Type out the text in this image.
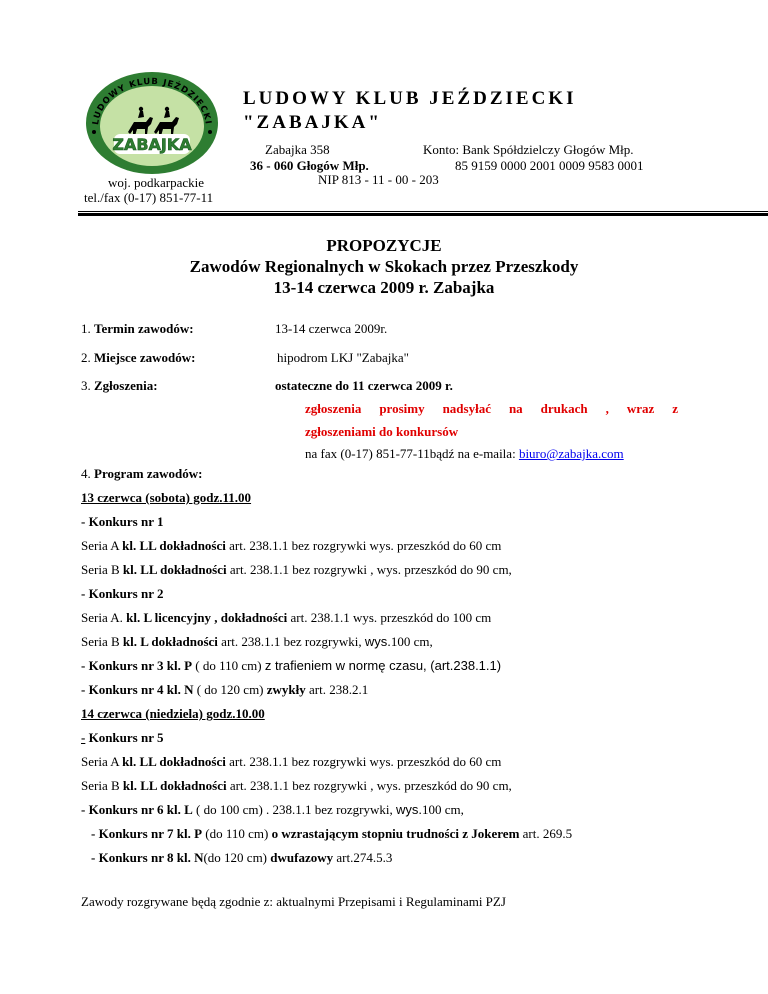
LUDOWY KLUB JEŹDZIECKI
ZABAJKA
LUDOWY KLUB JEŹDZIECKI
"ZABAJKA"
Zabajka 358
36 - 060 Głogów Młp.
Konto: Bank Spółdzielczy Głogów Młp.
85 9159 0000 2001 0009 9583 0001
NIP 813 - 11 - 00 - 203
woj. podkarpackie
tel./fax (0-17) 851-77-11
PROPOZYCJE
Zawodów Regionalnych w Skokach przez Przeszkody
13-14 czerwca 2009 r. Zabajka
1. Termin zawodów:	13-14 czerwca 2009r.
2. Miejsce zawodów:	hipodrom LKJ "Zabajka"
3. Zgłoszenia:	ostateczne do 11 czerwca 2009 r.
zgłoszenia prosimy nadsyłać na drukach , wraz z
zgłoszeniami do konkursów
na fax (0-17) 851-77-11bądź na e-maila: biuro@zabajka.com
4. Program zawodów:
13 czerwca (sobota) godz.11.00
- Konkurs nr 1
Seria A kl. LL dokładności art. 238.1.1 bez rozgrywki wys. przeszkód do 60 cm
Seria B kl. LL dokładności art. 238.1.1 bez rozgrywki , wys. przeszkód do 90 cm,
- Konkurs nr 2
Seria A. kl. L licencyjny , dokładności art. 238.1.1 wys. przeszkód do 100 cm
Seria B kl. L dokładności art. 238.1.1 bez rozgrywki, wys.100 cm,
- Konkurs nr 3 kl. P ( do 110 cm) z trafieniem w normę czasu, (art.238.1.1)
- Konkurs nr 4 kl. N ( do 120 cm) zwykły art. 238.2.1
14 czerwca (niedziela) godz.10.00
- Konkurs nr 5
Seria A kl. LL dokładności art. 238.1.1 bez rozgrywki wys. przeszkód do 60 cm
Seria B kl. LL dokładności art. 238.1.1 bez rozgrywki , wys. przeszkód do 90 cm,
- Konkurs nr 6 kl. L ( do 100 cm) . 238.1.1 bez rozgrywki, wys.100 cm,
- Konkurs nr 7 kl. P (do 110 cm) o wzrastającym stopniu trudności z Jokerem art. 269.5
- Konkurs nr 8 kl. N(do 120 cm) dwufazowy art.274.5.3
Zawody rozgrywane będą zgodnie z: aktualnymi Przepisami i Regulaminami PZJ
